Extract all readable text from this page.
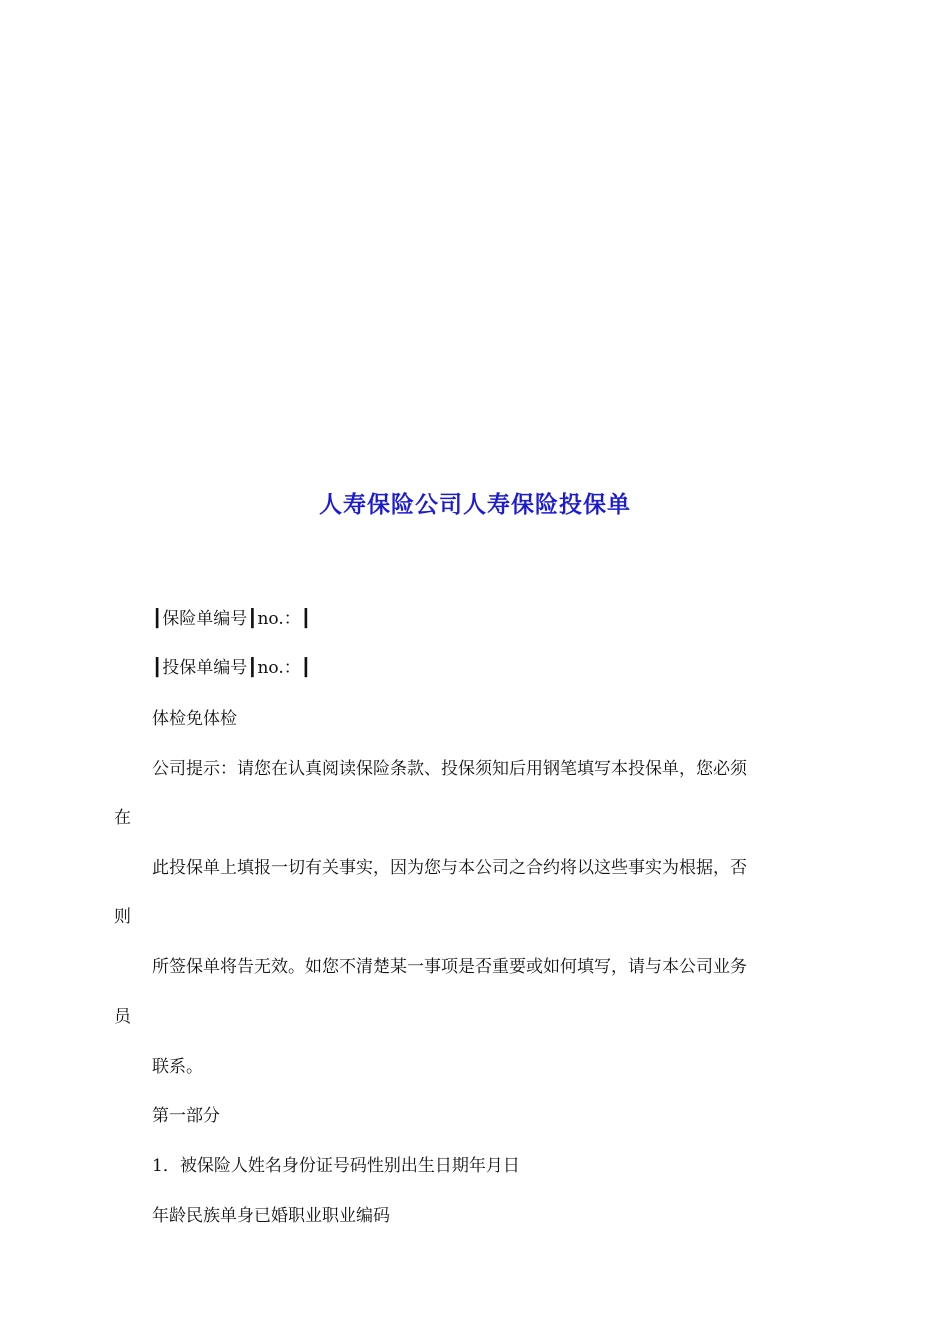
人寿保险公司人寿保险投保单
┃保险单编号┃no.：┃
┃投保单编号┃no.：┃
体检免体检
公司提示：请您在认真阅读保险条款、投保须知后用钢笔填写本投保单，您必须
在
此投保单上填报一切有关事实，因为您与本公司之合约将以这些事实为根据，否
则
所签保单将告无效。如您不清楚某一事项是否重要或如何填写，请与本公司业务
员
联系。
第一部分
1．被保险人姓名身份证号码性别出生日期年月日
年龄民族单身已婚职业职业编码
